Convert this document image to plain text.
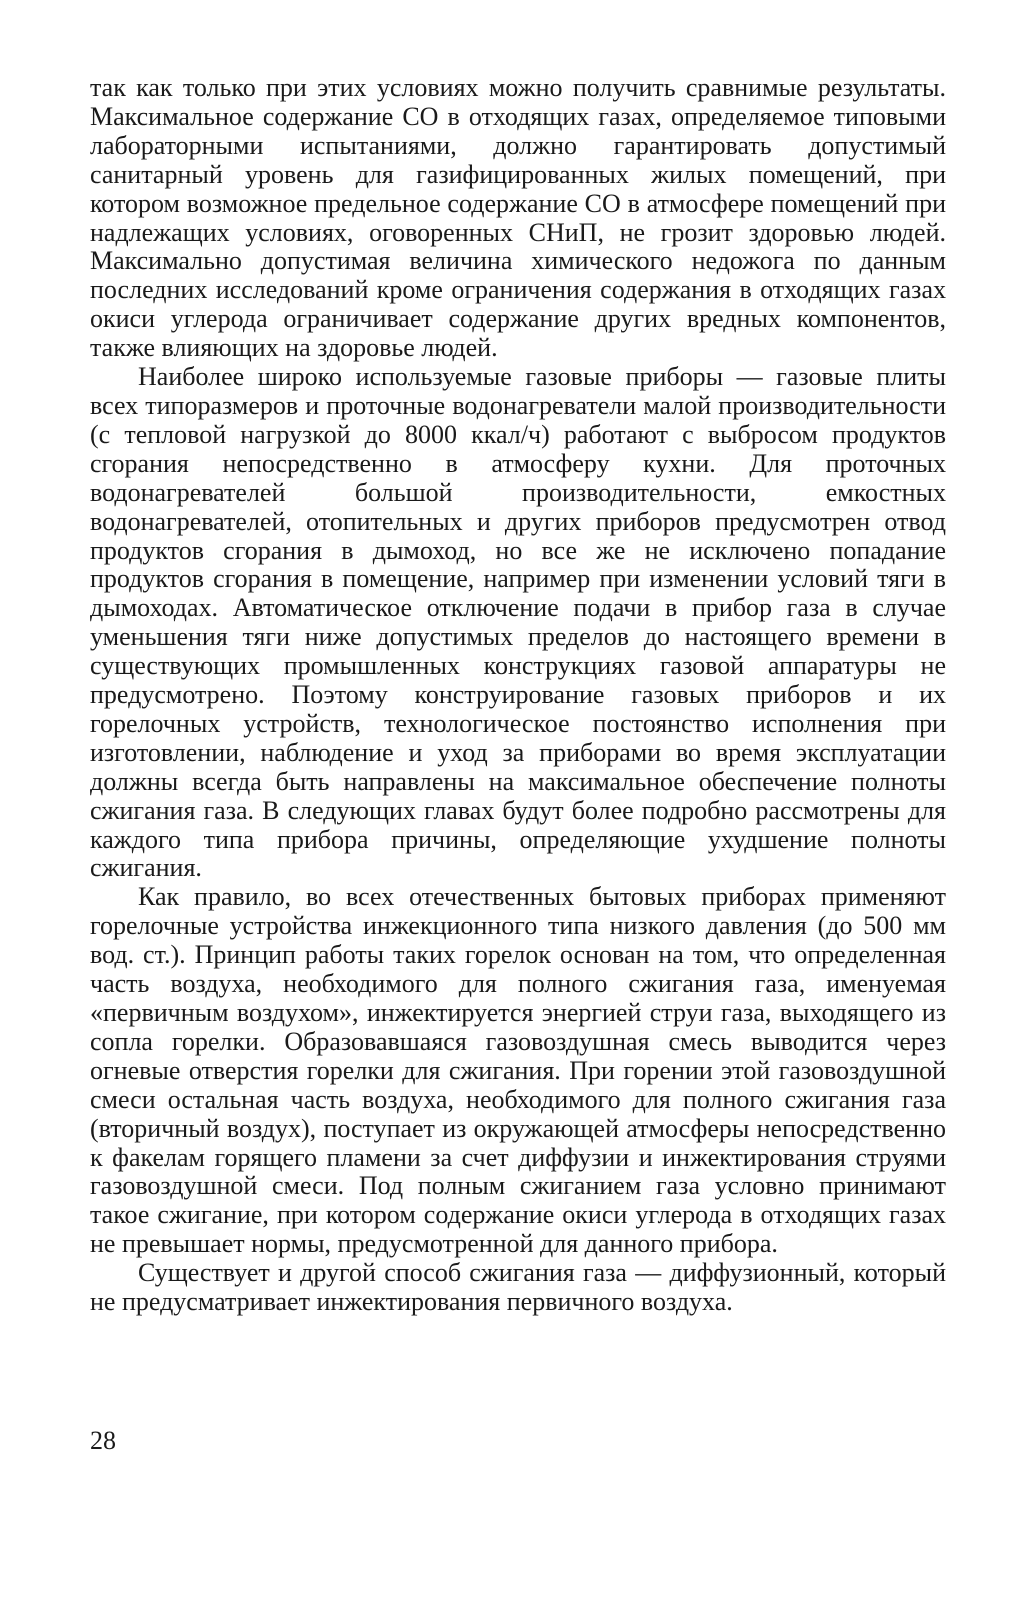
так как только при этих условиях можно получить сравнимые результаты. Максимальное содержание СО в отходящих газах, определяемое типовыми лабораторными испытаниями, должно гарантировать допустимый санитарный уровень для газифицированных жилых помещений, при котором возможное предельное содержание СО в атмосфере помещений при надлежащих условиях, оговоренных СНиП, не грозит здоровью людей. Максимально допустимая величина химического недожога по данным последних исследований кроме ограничения содержания в отходящих газах окиси углерода ограничивает содержание других вредных компонентов, также влияющих на здоровье людей.

Наиболее широко используемые газовые приборы — газовые плиты всех типоразмеров и проточные водонагреватели малой производительности (с тепловой нагрузкой до 8000 ккал/ч) работают с выбросом продуктов сгорания непосредственно в атмосферу кухни. Для проточных водонагревателей большой производительности, емкостных водонагревателей, отопительных и других приборов предусмотрен отвод продуктов сгорания в дымоход, но все же не исключено попадание продуктов сгорания в помещение, например при изменении условий тяги в дымоходах. Автоматическое отключение подачи в прибор газа в случае уменьшения тяги ниже допустимых пределов до настоящего времени в существующих промышленных конструкциях газовой аппаратуры не предусмотрено. Поэтому конструирование газовых приборов и их горелочных устройств, технологическое постоянство исполнения при изготовлении, наблюдение и уход за приборами во время эксплуатации должны всегда быть направлены на максимальное обеспечение полноты сжигания газа. В следующих главах будут более подробно рассмотрены для каждого типа прибора причины, определяющие ухудшение полноты сжигания.

Как правило, во всех отечественных бытовых приборах применяют горелочные устройства инжекционного типа низкого давления (до 500 мм вод. ст.). Принцип работы таких горелок основан на том, что определенная часть воздуха, необходимого для полного сжигания газа, именуемая «первичным воздухом», инжектируется энергией струи газа, выходящего из сопла горелки. Образовавшаяся газовоздушная смесь выводится через огневые отверстия горелки для сжигания. При горении этой газовоздушной смеси остальная часть воздуха, необходимого для полного сжигания газа (вторичный воздух), поступает из окружающей атмосферы непосредственно к факелам горящего пламени за счет диффузии и инжектирования струями газовоздушной смеси. Под полным сжиганием газа условно принимают такое сжигание, при котором содержание окиси углерода в отходящих газах не превышает нормы, предусмотренной для данного прибора.

Существует и другой способ сжигания газа — диффузионный, который не предусматривает инжектирования первичного воздуха.

28
